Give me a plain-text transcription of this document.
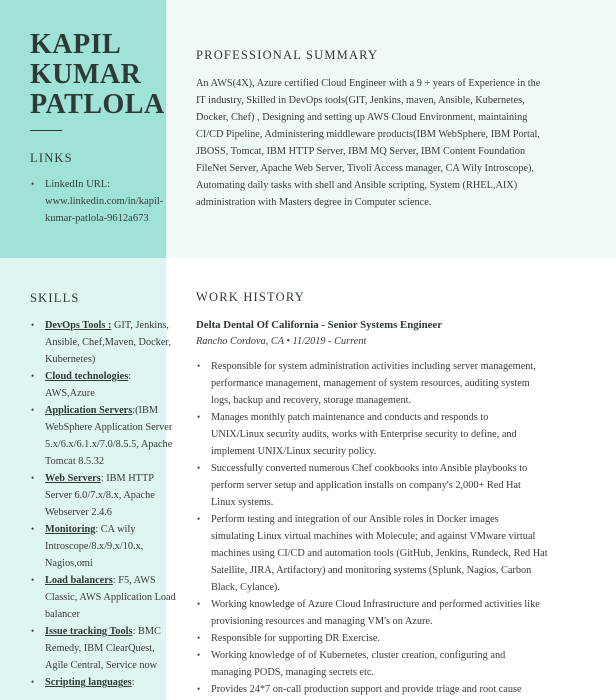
KAPIL
KUMAR
PATLOLA
LINKS
• LinkedIn URL:
www.linkedin.com/in/kapil-
kumar-patlola-9612a673
PROFESSIONAL SUMMARY
An AWS(4X), Azure certified Cloud Engineer with a 9 + years of Experience in the
IT industry, Skilled in DevOps tools(GIT, Jenkins, maven, Ansible, Kubernetes,
Docker, Chef) , Designing and setting up AWS Cloud Environment, maintaining
CI/CD Pipeline, Administering middleware products(IBM WebSphere, IBM Portal,
JBOSS, Tomcat, IBM HTTP Server, IBM MQ Server, IBM Content Foundation
FileNet Server, Apache Web Server, Tivoli Access manager, CA Wily Introscope),
Automating daily tasks with shell and Ansible scripting, System (RHEL,AIX)
administration with Masters degree in Computer science.
SKILLS
• DevOps Tools : GIT, Jenkins,
Ansible, Chef,Maven, Docker,
Kubernetes)
• Cloud technologies:
AWS,Azure
• Application Servers:(IBM
WebSphere Application Server
5.x/6.x/6.1.x/7.0/8.5.5, Apache
Tomcat 8.5.32
• Web Servers: IBM HTTP
Server 6.0/7.x/8.x, Apache
Webserver 2.4.6
• Monitoring: CA wily
Introscope/8.x/9.x/10.x,
Nagios,omi
• Load balancers: F5, AWS
Classic, AWS Application Load
balancer
• Issue tracking Tools: BMC
Remedy, IBM ClearQuest,
Agile Central, Service now
• Scripting languages:
WORK HISTORY
Delta Dental Of California - Senior Systems Engineer
Rancho Cordova, CA • 11/2019 - Current
• Responsible for system administration activities including server management,
performance management, management of system resources, auditing system
logs, backup and recovery, storage management.
• Manages monthly patch maintenance and conducts and responds to
UNIX/Linux security audits, works with Enterprise security to define, and
implement UNIX/Linux security policy.
• Successfully converted numerous Chef cookbooks into Ansible playbooks to
perform server setup and application installs on company's 2,000+ Red Hat
Linux systems.
• Perform testing and integration of our Ansible roles in Docker images
simulating Linux virtual machines with Molecule; and against VMware virtual
machines using CI/CD and automation tools (GitHub, Jenkins, Rundeck, Red Hat
Satellite, JIRA, Artifactory) and monitoring systems (Splunk, Nagios, Carbon
Black, Cylance).
• Working knowledge of Azure Cloud Infrastructure and performed activities like
provisioning resources and managing VM's on Azure.
• Responsible for supporting DR Exercise.
• Working knowledge of of Kubernetes, cluster creation, configuring and
managing PODS, managing secrets etc.
• Provides 24*7 on-call production support and provide triage and root cause
